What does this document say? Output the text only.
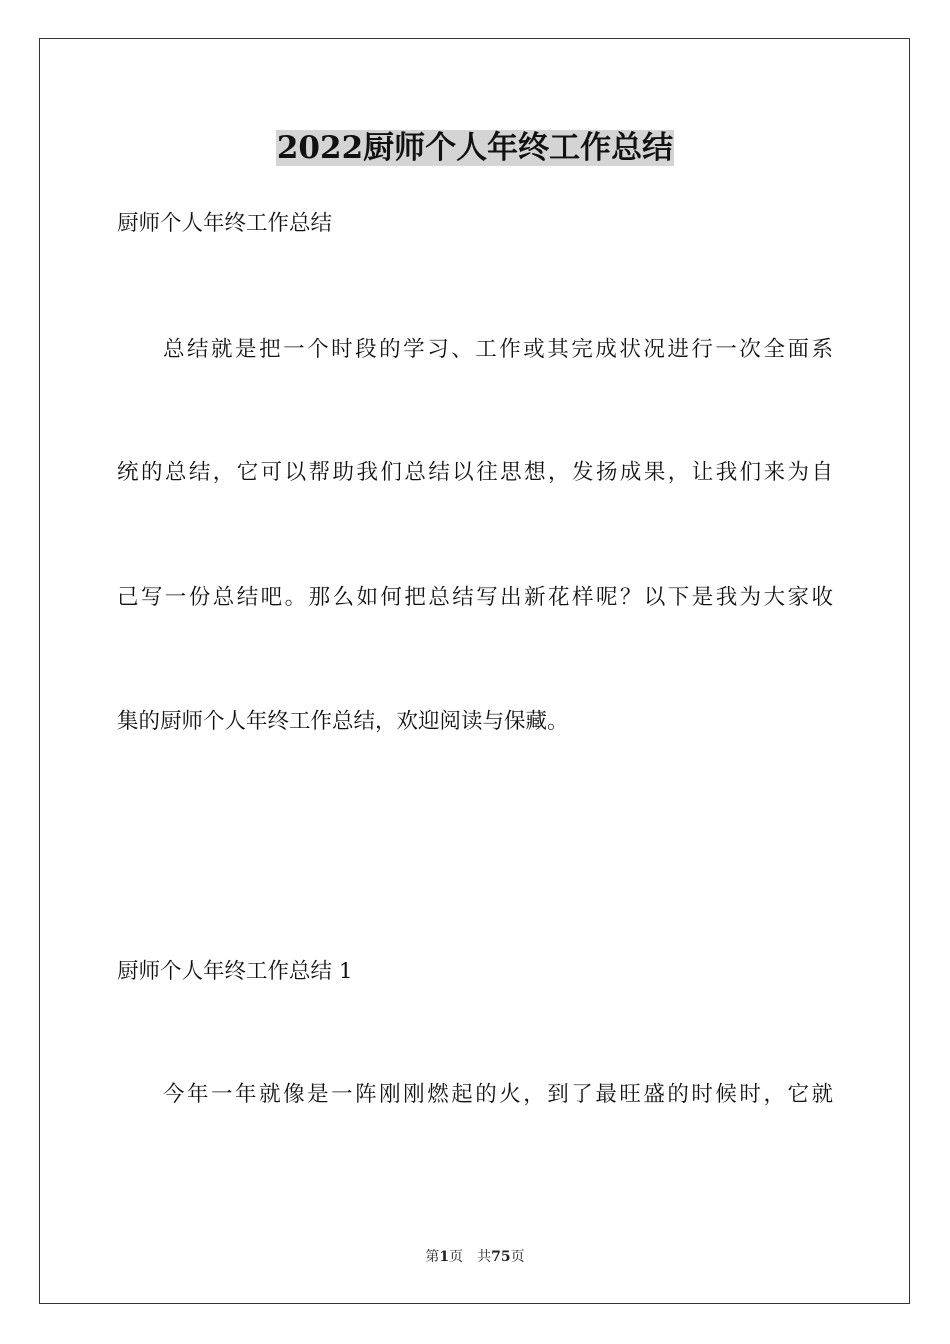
2022厨师个人年终工作总结

厨师个人年终工作总结

总结就是把一个时段的学习、工作或其完成状况进行一次全面系

统的总结，它可以帮助我们总结以往思想，发扬成果，让我们来为自

己写一份总结吧。那么如何把总结写出新花样呢？以下是我为大家收

集的厨师个人年终工作总结，欢迎阅读与保藏。

厨师个人年终工作总结 1

今年一年就像是一阵刚刚燃起的火，到了最旺盛的时候时，它就

第1页　共75页
